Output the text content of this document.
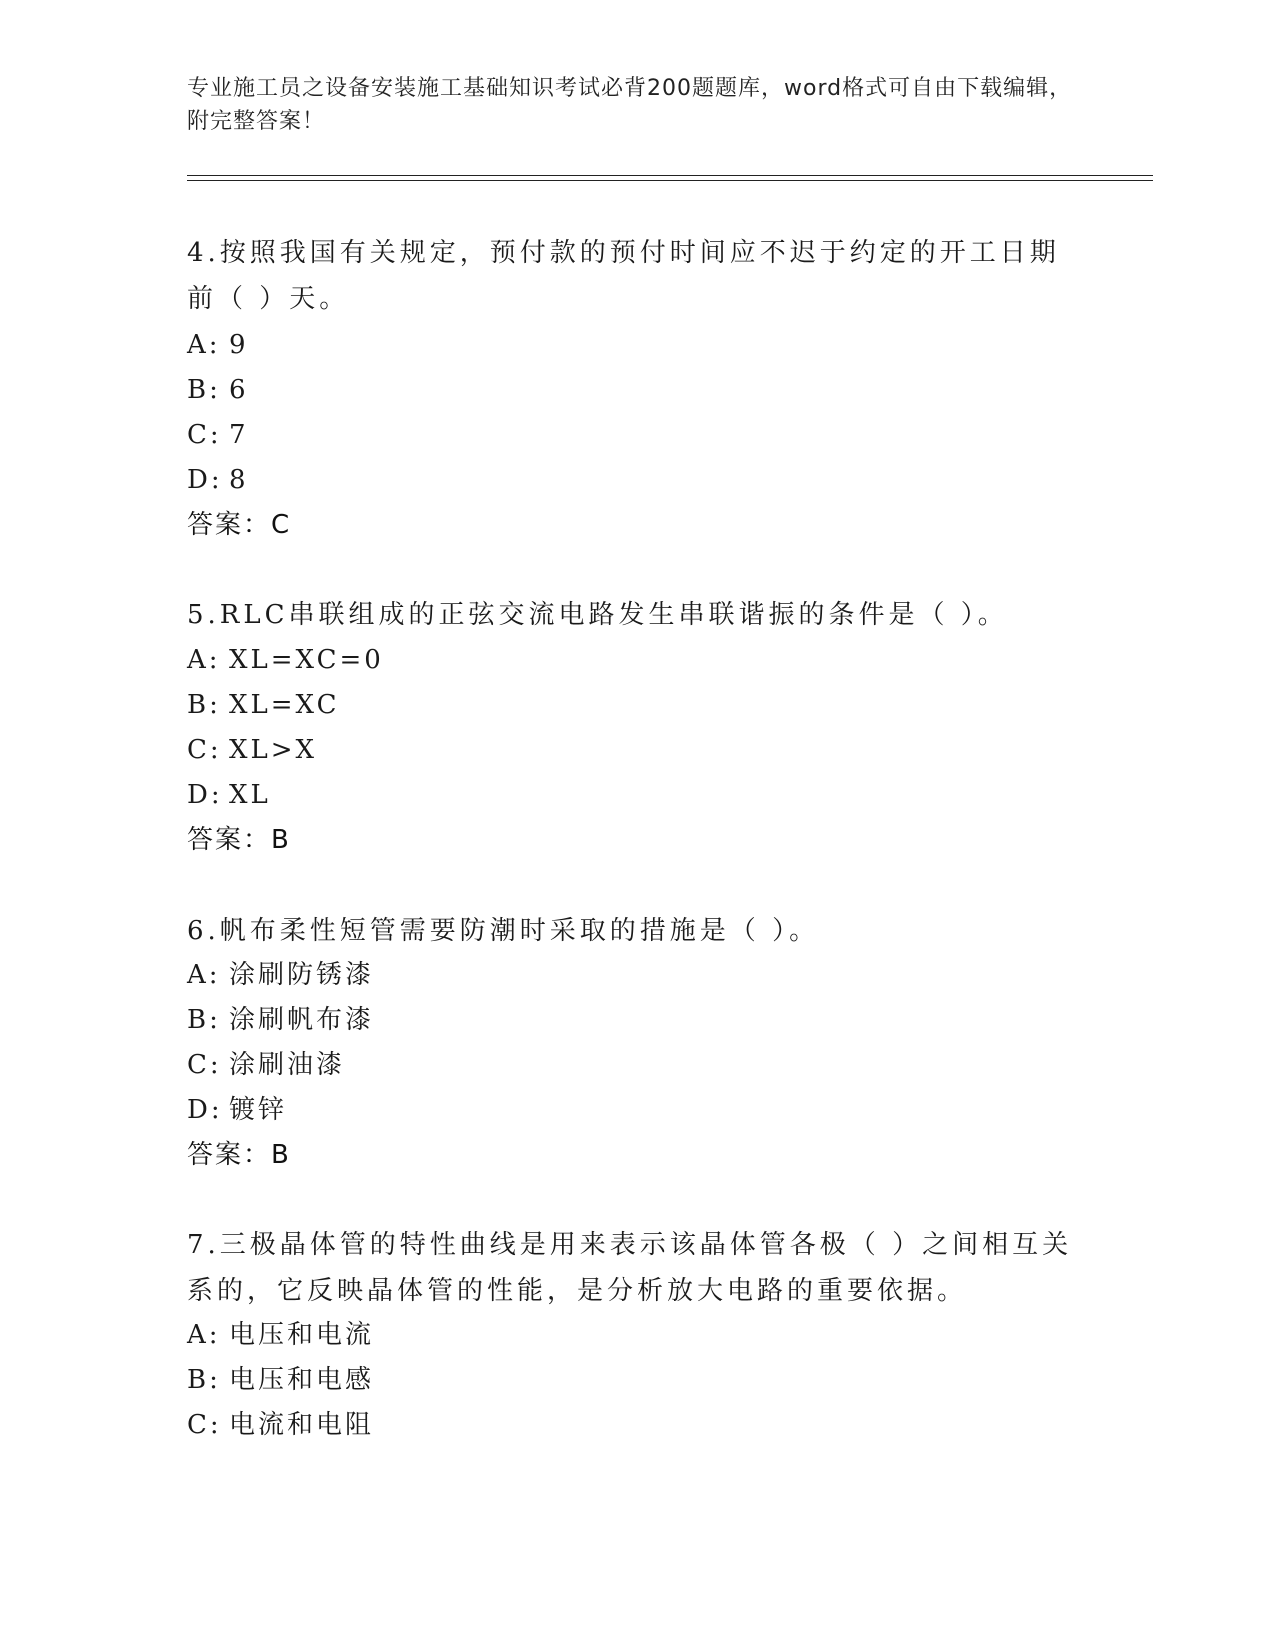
专业施工员之设备安装施工基础知识考试必背200题题库，word格式可自由下载编辑，附完整答案！
4.按照我国有关规定，预付款的预付时间应不迟于约定的开工日期前（ ）天。
A: 9
B: 6
C: 7
D: 8
答案：C
5.RLC串联组成的正弦交流电路发生串联谐振的条件是（ ）。
A: XL=XC=0
B: XL=XC
C: XL>X
D: XL
答案：B
6.帆布柔性短管需要防潮时采取的措施是（ ）。
A: 涂刷防锈漆
B: 涂刷帆布漆
C: 涂刷油漆
D: 镀锌
答案：B
7.三极晶体管的特性曲线是用来表示该晶体管各极（ ）之间相互关系的，它反映晶体管的性能，是分析放大电路的重要依据。
A: 电压和电流
B: 电压和电感
C: 电流和电阻
